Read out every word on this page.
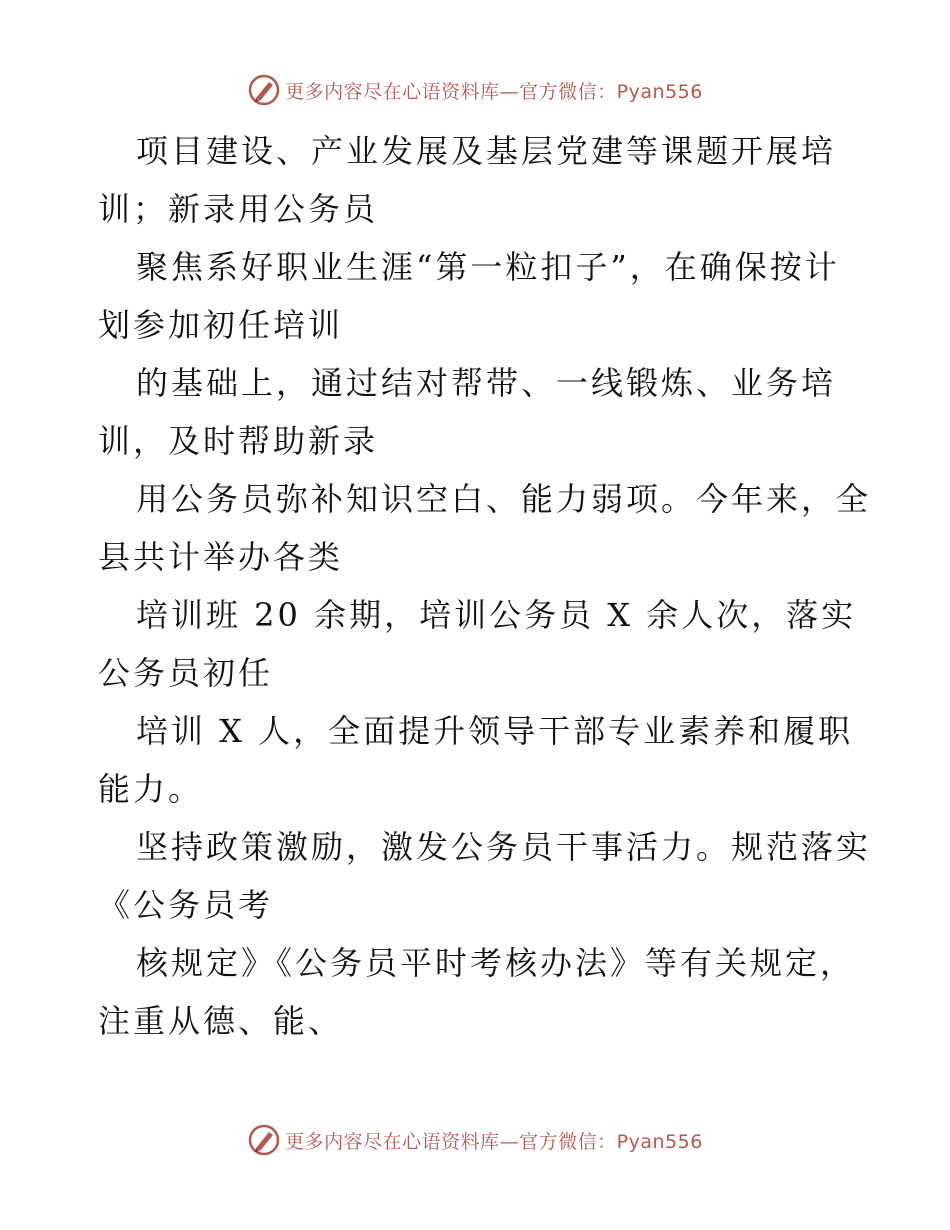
更多内容尽在心语资料库—官方微信：Pyan556

项目建设、产业发展及基层党建等课题开展培

训；新录用公务员

聚焦系好职业生涯“第一粒扣子”，在确保按计

划参加初任培训

的基础上，通过结对帮带、一线锻炼、业务培

训，及时帮助新录

用公务员弥补知识空白、能力弱项。今年来，全

县共计举办各类

培训班 20 余期，培训公务员 X 余人次，落实

公务员初任

培训 X 人，全面提升领导干部专业素养和履职

能力。

坚持政策激励，激发公务员干事活力。规范落实

《公务员考

核规定》《公务员平时考核办法》等有关规定，

注重从德、能、

更多内容尽在心语资料库—官方微信：Pyan556
